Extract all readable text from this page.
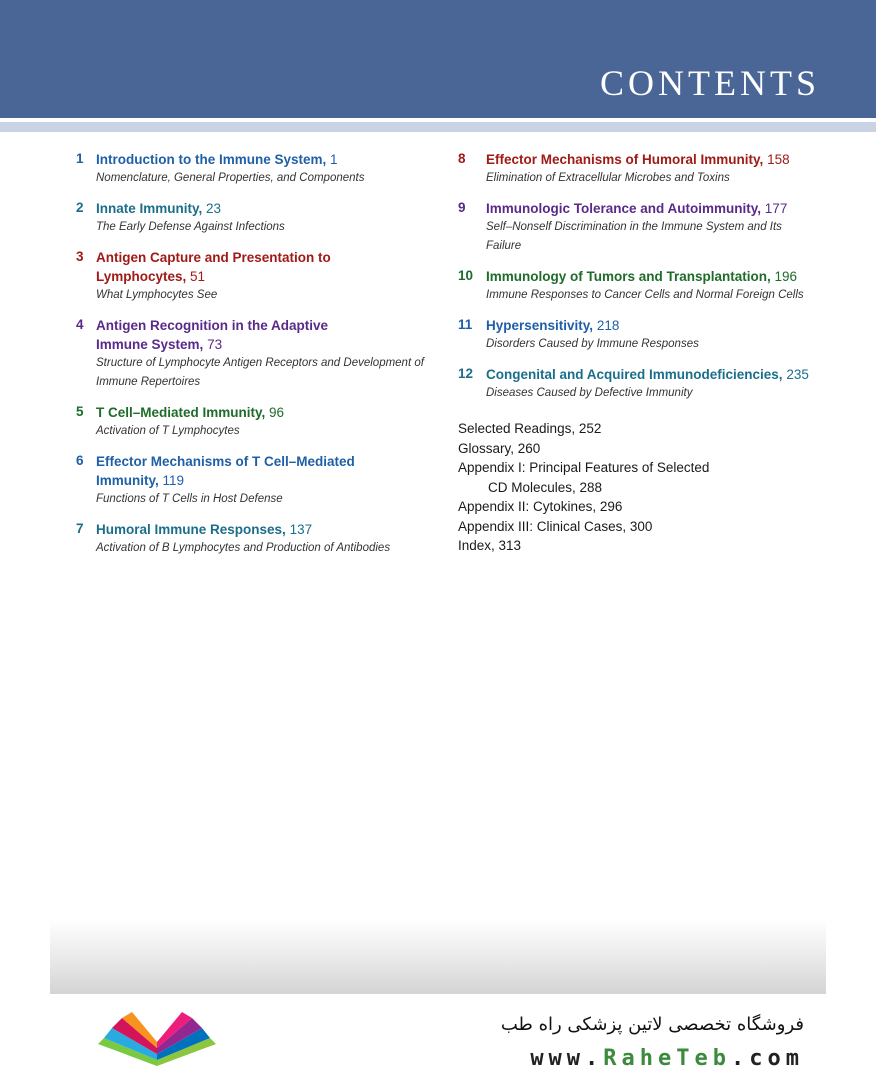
CONTENTS
1 Introduction to the Immune System, 1
Nomenclature, General Properties, and Components
2 Innate Immunity, 23
The Early Defense Against Infections
3 Antigen Capture and Presentation to Lymphocytes, 51
What Lymphocytes See
4 Antigen Recognition in the Adaptive Immune System, 73
Structure of Lymphocyte Antigen Receptors and Development of Immune Repertoires
5 T Cell–Mediated Immunity, 96
Activation of T Lymphocytes
6 Effector Mechanisms of T Cell–Mediated Immunity, 119
Functions of T Cells in Host Defense
7 Humoral Immune Responses, 137
Activation of B Lymphocytes and Production of Antibodies
8 Effector Mechanisms of Humoral Immunity, 158
Elimination of Extracellular Microbes and Toxins
9 Immunologic Tolerance and Autoimmunity, 177
Self–Nonself Discrimination in the Immune System and Its Failure
10 Immunology of Tumors and Transplantation, 196
Immune Responses to Cancer Cells and Normal Foreign Cells
11 Hypersensitivity, 218
Disorders Caused by Immune Responses
12 Congenital and Acquired Immunodeficiencies, 235
Diseases Caused by Defective Immunity
Selected Readings, 252
Glossary, 260
Appendix I: Principal Features of Selected
CD Molecules, 288
Appendix II: Cytokines, 296
Appendix III: Clinical Cases, 300
Index, 313
فروشگاه تخصصی لاتین پزشکی راه طب
www.RaheTeb.com
